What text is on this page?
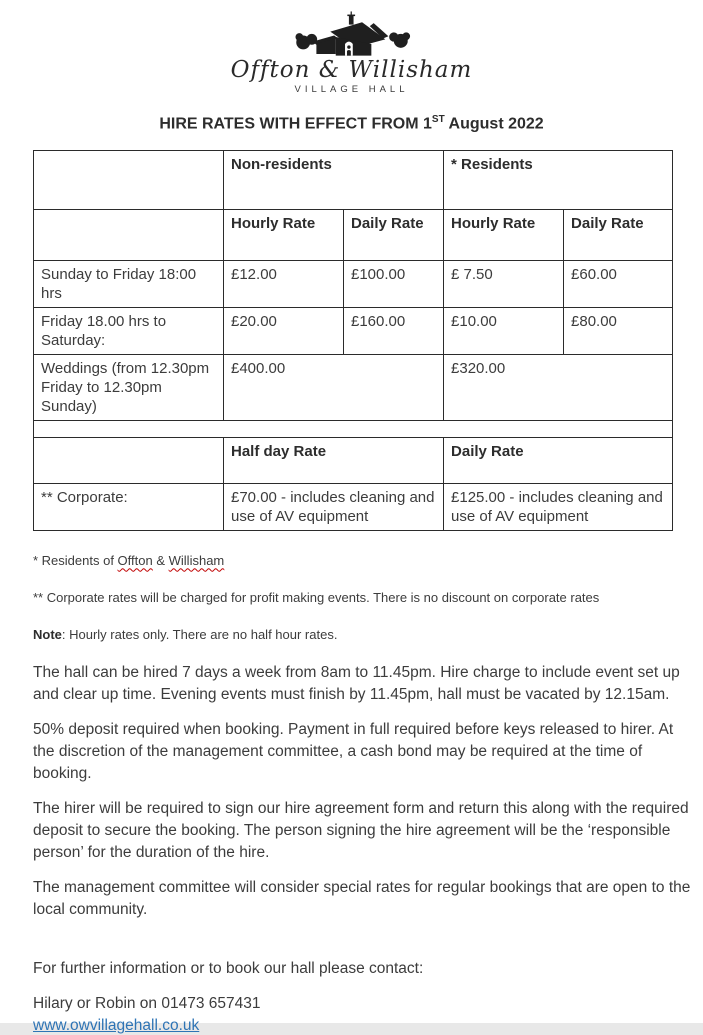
Offton & Willisham
VILLAGE HALL
HIRE RATES WITH EFFECT FROM 1ST August 2022
	Non-residents		* Residents	
	Hourly Rate	Daily Rate	Hourly Rate	Daily Rate
Sunday to Friday 18:00 hrs	£12.00	£100.00	£ 7.50	£60.00
Friday 18.00 hrs to Saturday:	£20.00	£160.00	£10.00	£80.00
Weddings (from 12.30pm Friday to 12.30pm Sunday)	£400.00		£320.00	

	Half day Rate		Daily Rate	
** Corporate:	£70.00 - includes cleaning and use of AV equipment		£125.00 - includes cleaning and use of AV equipment	
* Residents of Offton & Willisham
** Corporate rates will be charged for profit making events. There is no discount on corporate rates
Note: Hourly rates only. There are no half hour rates.

The hall can be hired 7 days a week from 8am to 11.45pm. Hire charge to include event set up and clear up time. Evening events must finish by 11.45pm, hall must be vacated by 12.15am.

50% deposit required when booking. Payment in full required before keys released to hirer. At the discretion of the management committee, a cash bond may be required at the time of booking.

The hirer will be required to sign our hire agreement form and return this along with the required deposit to secure the booking. The person signing the hire agreement will be the ‘responsible person’ for the duration of the hire.

The management committee will consider special rates for regular bookings that are open to the local community.

For further information or to book our hall please contact:
Hilary or Robin on 01473 657431
www.owvillagehall.co.uk
